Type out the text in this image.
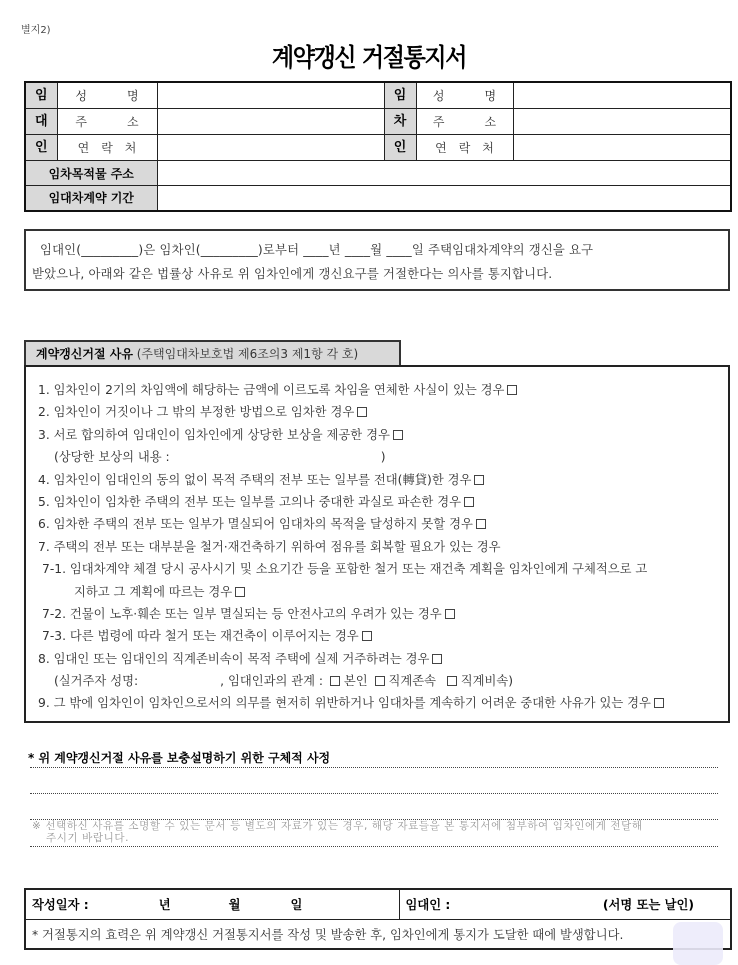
별지2)
계약갱신 거절통지서
임	성 명		임	성 명	
대	주 소		차	주 소	
인	연 락 처		인	연 락 처	
임차목적물 주소					
임대차계약 기간					

임대인(_________)은 임차인(_________)로부터 ____년 ____월 ____일 주택임대차계약의 갱신을 요구

받았으나, 아래와 같은 법률상 사유로 위 임차인에게 갱신요구를 거절한다는 의사를 통지합니다.

계약갱신거절 사유 (주택임대차보호법 제6조의3 제1항 각 호)
1. 임차인이 2기의 차임액에 해당하는 금액에 이르도록 차임을 연체한 사실이 있는 경우
2. 임차인이 거짓이나 그 밖의 부정한 방법으로 임차한 경우
3. 서로 합의하여 임대인이 임차인에게 상당한 보상을 제공한 경우
(상당한 보상의 내용 :                                                      )
4. 임차인이 임대인의 동의 없이 목적 주택의 전부 또는 일부를 전대(轉貸)한 경우
5. 임차인이 임차한 주택의 전부 또는 일부를 고의나 중대한 과실로 파손한 경우
6. 임차한 주택의 전부 또는 일부가 멸실되어 임대차의 목적을 달성하지 못할 경우
7. 주택의 전부 또는 대부분을 철거·재건축하기 위하여 점유를 회복할 필요가 있는 경우
7-1. 임대차계약 체결 당시 공사시기 및 소요기간 등을 포함한 철거 또는 재건축 계획을 임차인에게 구체적으로 고
지하고 그 계획에 따르는 경우
7-2. 건물이 노후·훼손 또는 일부 멸실되는 등 안전사고의 우려가 있는 경우
7-3. 다른 법령에 따라 철거 또는 재건축이 이루어지는 경우
8. 임대인 또는 임대인의 직계존비속이 목적 주택에 실제 거주하려는 경우
(실거주자 성명:	, 임대인과의 관계 : 본인 직계존속 직계비속)
9. 그 밖에 임차인이 임차인으로서의 의무를 현저히 위반하거나 임대차를 계속하기 어려운 중대한 사유가 있는 경우
* 위 계약갱신거절 사유를 보충설명하기 위한 구체적 사정
※ 선택하신 사유를 소명할 수 있는 문서 등 별도의 자료가 있는 경우, 해당 자료들을 본 통지서에 첨부하여 임차인에게 전달해
주시기 바랍니다.
작성일자 :	년	월	일	임대인 :	(서명 또는 날인)

* 거절통지의 효력은 위 계약갱신 거절통지서를 작성 및 발송한 후, 임차인에게 통지가 도달한 때에 발생합니다.
